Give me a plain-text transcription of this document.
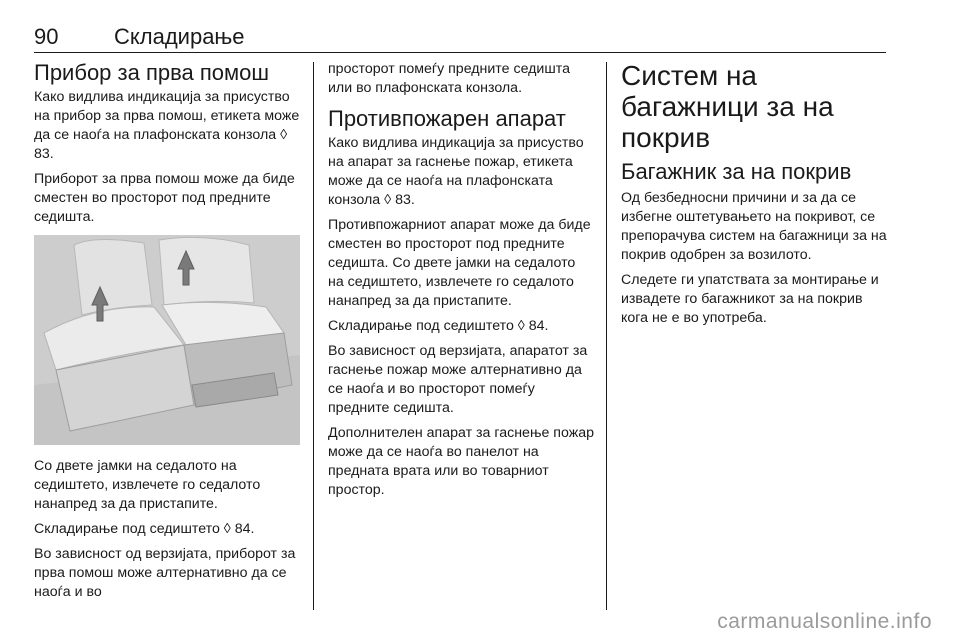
90	Складирање
Прибор за прва помош

Како видлива индикација за присуство на прибор за прва помош, етикета може да се наоѓа на плафонската конзола ◊ 83.

Приборот за прва помош може да биде сместен во просторот под предните седишта.

Со двете јамки на седалото на седиштето, извлечете го седалото нанапред за да пристапите.

Складирање под седиштето ◊ 84.

Во зависност од верзијата, приборот за прва помош може алтернативно да се наоѓа и во

просторот помеѓу предните седишта или во плафонската конзола.

Противпожарен апарат

Како видлива индикација за присуство на апарат за гаснење пожар, етикета може да се наоѓа на плафонската конзола ◊ 83.

Противпожарниот апарат може да биде сместен во просторот под предните седишта. Со двете јамки на седалото на седиштето, извлечете го седалото нанапред за да пристапите.

Складирање под седиштето ◊ 84.

Во зависност од верзијата, апаратот за гаснење пожар може алтернативно да се наоѓа и во просторот помеѓу предните седишта.

Дополнителен апарат за гаснење пожар може да се наоѓа во панелот на предната врата или во товарниот простор.

Систем на багажници за на покрив
Багажник за на покрив

Од безбедносни причини и за да се избегне оштетувањето на покривот, се препорачува систем на багажници за на покрив одобрен за возилото.

Следете ги упатствата за монтирање и извадете го багажникот за на покрив кога не е во употреба.

carmanualsonline.info
